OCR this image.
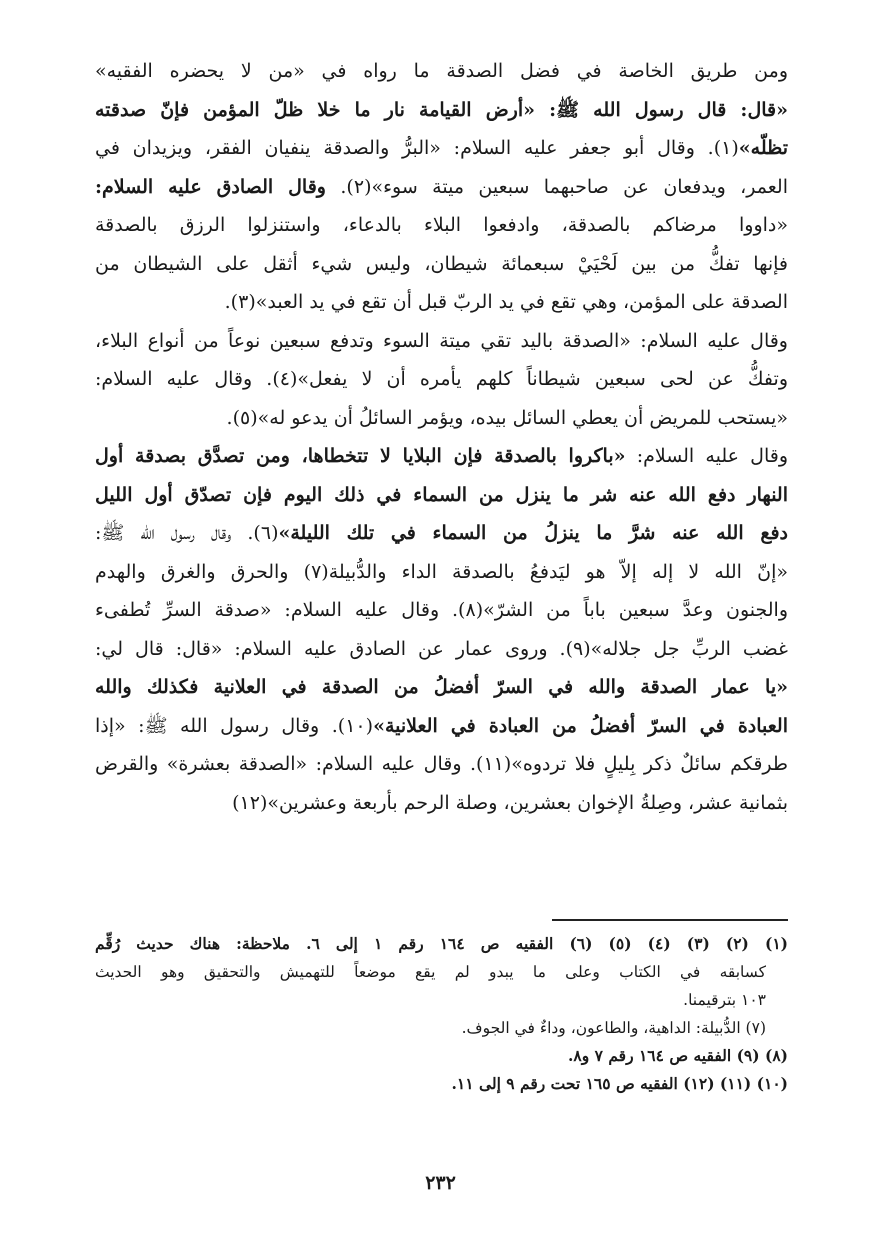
ومن طريق الخاصة في فضل الصدقة ما رواه في «من لا يحضره الفقيه»
«قال: قال رسول الله ﷺ: «أرض القيامة نار ما خلا ظلّ المؤمن فإنّ صدقته
تظلّه»(١). وقال أبو جعفر عليه السلام: «البرُّ والصدقة ينفيان الفقر، ويزيدان في
العمر، ويدفعان عن صاحبهما سبعين ميتة سوء»(٢). وقال الصادق عليه السلام:
«داووا مرضاكم بالصدقة، وادفعوا البلاء بالدعاء، واستنزلوا الرزق بالصدقة
فإنها تفكُّ من بين لَحْيَيْ سبعمائة شيطان، وليس شيء أثقل على الشيطان من
الصدقة على المؤمن، وهي تقع في يد الربّ قبل أن تقع في يد العبد»(٣).
وقال عليه السلام: «الصدقة باليد تقي ميتة السوء وتدفع سبعين نوعاً من أنواع البلاء،
وتفكُّ عن لحى سبعين شيطاناً كلهم يأمره أن لا يفعل»(٤). وقال عليه السلام:
«يستحب للمريض أن يعطي السائل بيده، ويؤمر السائلُ أن يدعو له»(٥).
وقال عليه السلام: «باكروا بالصدقة فإن البلايا لا تتخطاها، ومن تصدَّق بصدقة أول
النهار دفع الله عنه شر ما ينزل من السماء في ذلك اليوم فإن تصدّق أول الليل
دفع الله عنه شرَّ ما ينزلُ من السماء في تلك الليلة»(٦). وقال رسول الله ﷺ:
«إنّ الله لا إله إلاّ هو ليَدفعُ بالصدقة الداء والدُّبيلة(٧) والحرق والغرق والهدم
والجنون وعدَّ سبعين باباً من الشرّ»(٨). وقال عليه السلام: «صدقة السرِّ تُطفىء
غضب الربِّ جل جلاله»(٩). وروى عمار عن الصادق عليه السلام: «قال: قال لي:
«يا عمار الصدقة والله في السرّ أفضلُ من الصدقة في العلانية فكذلك والله
العبادة في السرّ أفضلُ من العبادة في العلانية»(١٠). وقال رسول الله ﷺ: «إذا
طرقكم سائلٌ ذكر بِليلٍ فلا تردوه»(١١). وقال عليه السلام: «الصدقة بعشرة» والقرض
بثمانية عشر، وصِلةُ الإخوان بعشرين، وصلة الرحم بأربعة وعشرين»(١٢)
(١) (٢) (٣) (٤) (٥) (٦) الفقيه ص ١٦٤ رقم ١ إلى ٦. ملاحظة: هناك حديث رُقِّم
كسابقه في الكتاب وعلى ما يبدو لم يقع موضعاً للتهميش والتحقيق وهو الحديث
١٠٣ بترقيمنا.
(٧) الدُّبيلة: الداهية، والطاعون، وداءٌ في الجوف.
(٨) (٩) الفقيه ص ١٦٤ رقم ٧ و٨.
(١٠) (١١) (١٢) الفقيه ص ١٦٥ تحت رقم ٩ إلى ١١.
٢٣٢
